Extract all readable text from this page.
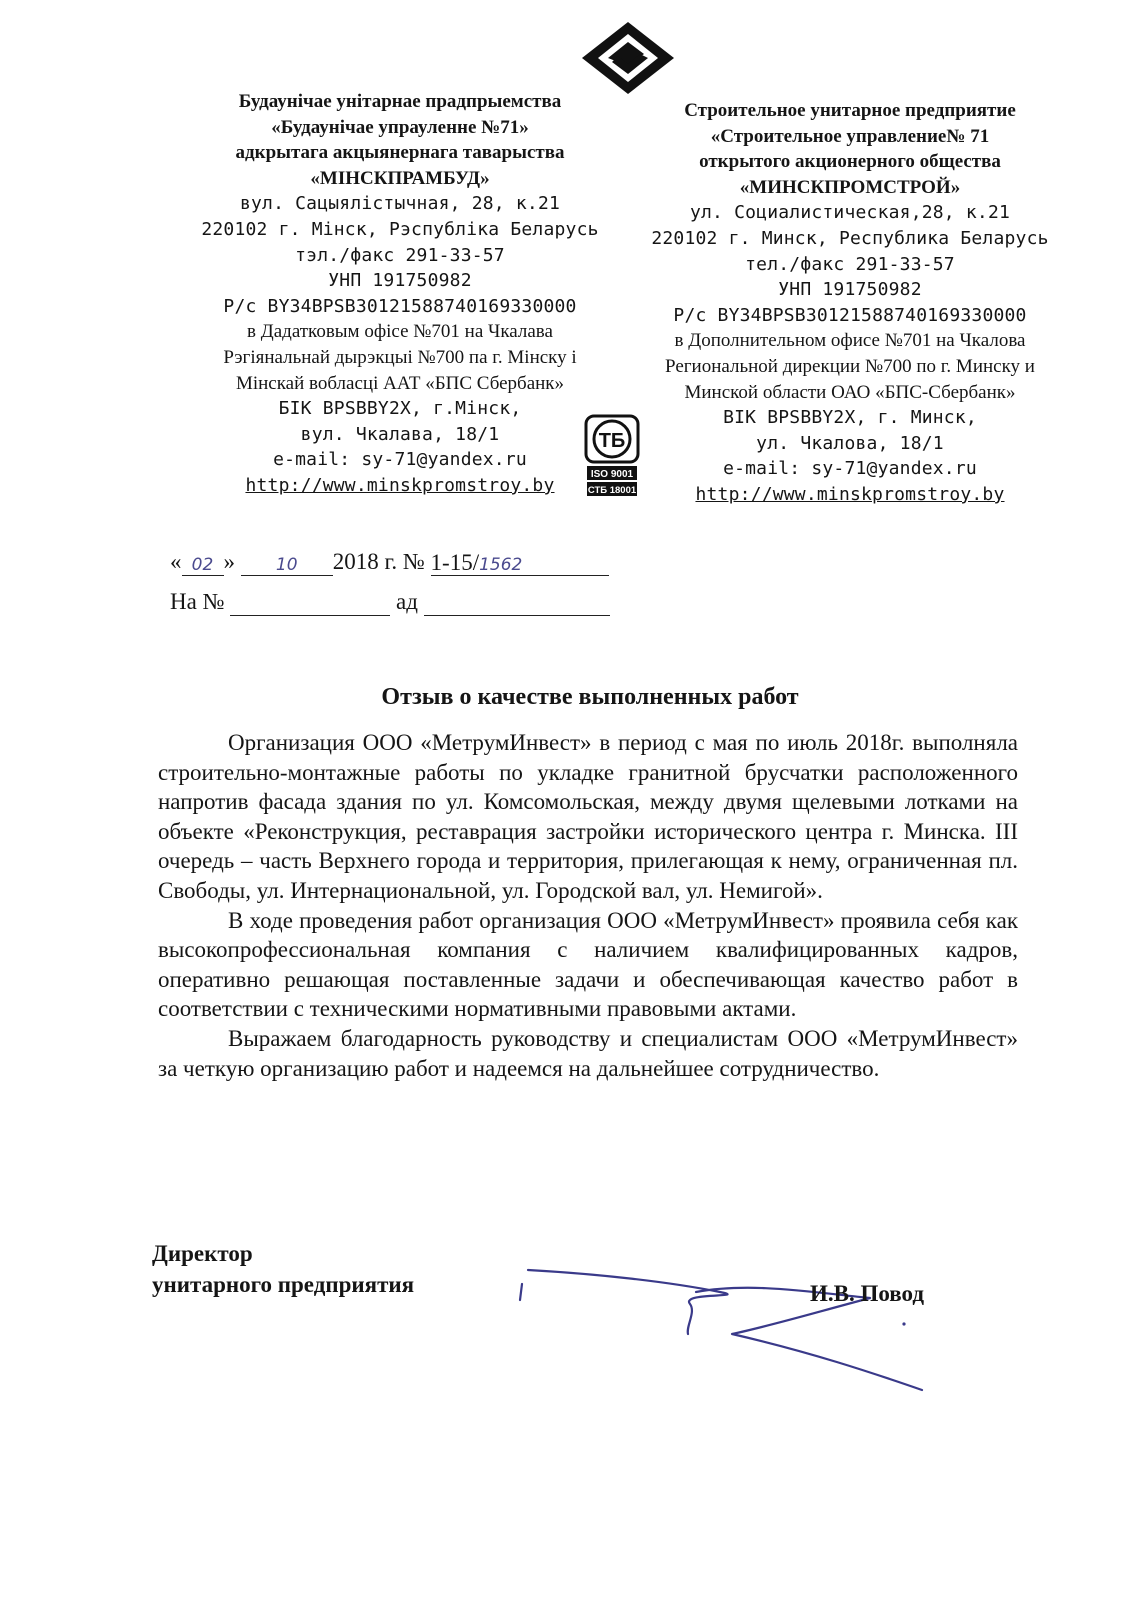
Будаунічае унітарнае прадпрыемства
«Будаунічае упрауленне №71»
адкрытага акцыянернага таварыства
«МІНСКПРАМБУД»
вул. Сацыялістычная, 28, к.21
220102 г. Мінск, Рэспубліка Беларусь
тэл./факс 291-33-57
УНП 191750982
Р/с BY34BPSB30121588740169330000
в Дадатковым офісе №701 на Чкалава
Рэгіянальнай дырэкцыі №700 па г. Мінску і
Мінскай вобласці ААТ «БПС Сбербанк»
БІК BPSBBY2X, г.Мінск,
вул. Чкалава, 18/1
e-mail: sy-71@yandex.ru
http://www.minskpromstroy.by
ТБ
ISO 9001
СТБ 18001
Строительное унитарное предприятие
«Строительное управление№ 71
открытого акционерного общества
«МИНСКПРОМСТРОЙ»
ул. Социалистическая,28, к.21
220102 г. Минск, Республика Беларусь
тел./факс 291-33-57
УНП 191750982
Р/с BY34BPSB30121588740169330000
в Дополнительном офисе №701 на Чкалова
Региональной дирекции №700 по г. Минску и
Минской области ОАО «БПС-Сбербанк»
BIK BPSBBY2X, г. Минск,
ул. Чкалова, 18/1
e-mail: sy-71@yandex.ru
http://www.minskpromstroy.by
« 02 » 10 2018 г. № 1-15/1562
На №	ад
Отзыв о качестве выполненных работ

Организация ООО «МетрумИнвест» в период с мая по июль 2018г. выполняла строительно-монтажные работы по укладке гранитной брусчатки расположенного напротив фасада здания по ул. Комсомольская, между двумя щелевыми лотками на объекте «Реконструкция, реставрация застройки исторического центра г. Минска. III очередь – часть Верхнего города и территория, прилегающая к нему, ограниченная пл. Свободы, ул. Интернациональной, ул. Городской вал, ул. Немигой».

В ходе проведения работ организация ООО «МетрумИнвест» проявила себя как высокопрофессиональная компания с наличием квалифицированных кадров, оперативно решающая поставленные задачи и обеспечивающая качество работ в соответствии с техническими нормативными правовыми актами.

Выражаем благодарность руководству и специалистам ООО «МетрумИнвест» за четкую организацию работ и надеемся на дальнейшее сотрудничество.

Директор
унитарного предприятия	И.В. Повод
